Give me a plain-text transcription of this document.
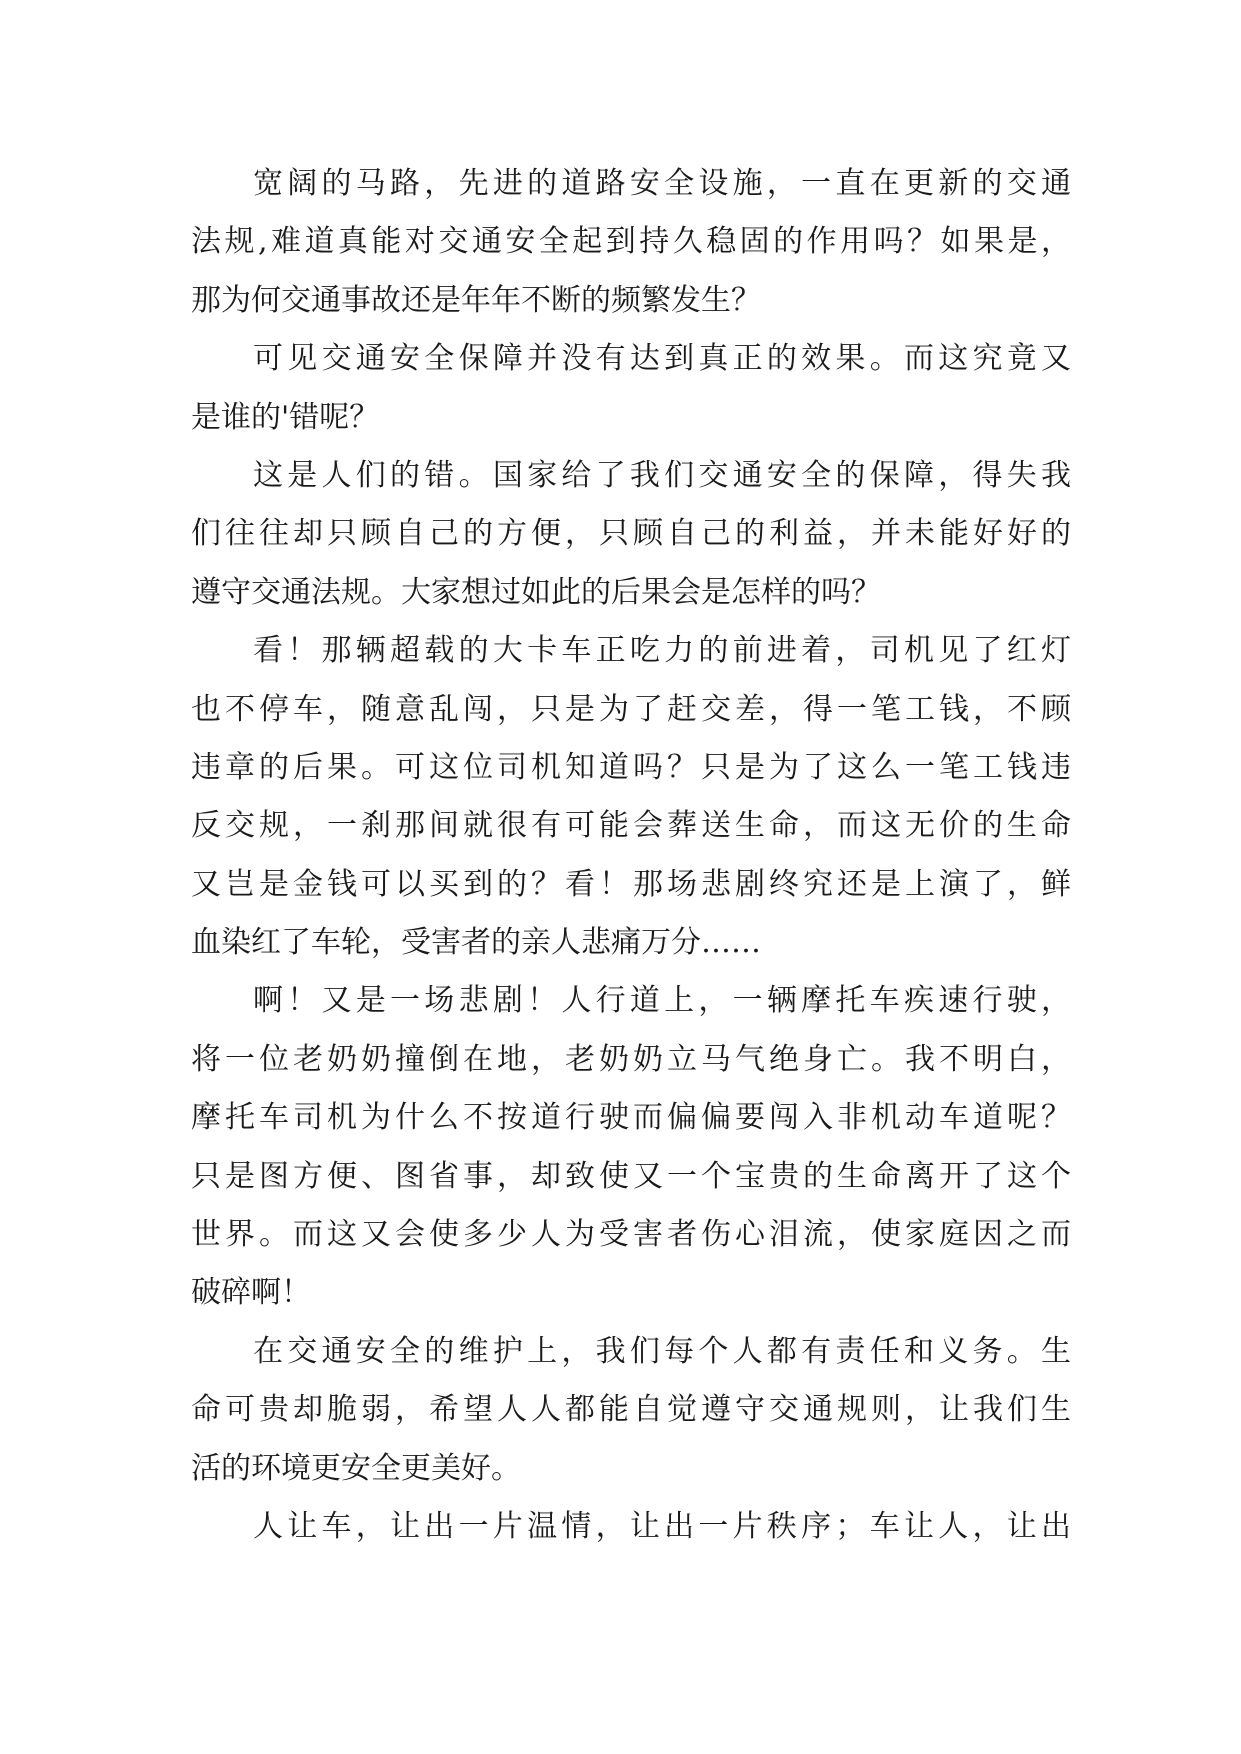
宽阔的马路，先进的道路安全设施，一直在更新的交通
法规,难道真能对交通安全起到持久稳固的作用吗？如果是，
那为何交通事故还是年年不断的频繁发生？
可见交通安全保障并没有达到真正的效果。而这究竟又
是谁的'错呢？
这是人们的错。国家给了我们交通安全的保障，得失我
们往往却只顾自己的方便，只顾自己的利益，并未能好好的
遵守交通法规。大家想过如此的后果会是怎样的吗？
看！那辆超载的大卡车正吃力的前进着，司机见了红灯
也不停车，随意乱闯，只是为了赶交差，得一笔工钱，不顾
违章的后果。可这位司机知道吗？只是为了这么一笔工钱违
反交规，一刹那间就很有可能会葬送生命，而这无价的生命
又岂是金钱可以买到的？看！那场悲剧终究还是上演了，鲜
血染红了车轮，受害者的亲人悲痛万分……
啊！又是一场悲剧！人行道上，一辆摩托车疾速行驶，
将一位老奶奶撞倒在地，老奶奶立马气绝身亡。我不明白，
摩托车司机为什么不按道行驶而偏偏要闯入非机动车道呢？
只是图方便、图省事，却致使又一个宝贵的生命离开了这个
世界。而这又会使多少人为受害者伤心泪流，使家庭因之而
破碎啊！
在交通安全的维护上，我们每个人都有责任和义务。生
命可贵却脆弱，希望人人都能自觉遵守交通规则，让我们生
活的环境更安全更美好。
人让车，让出一片温情，让出一片秩序；车让人，让出
